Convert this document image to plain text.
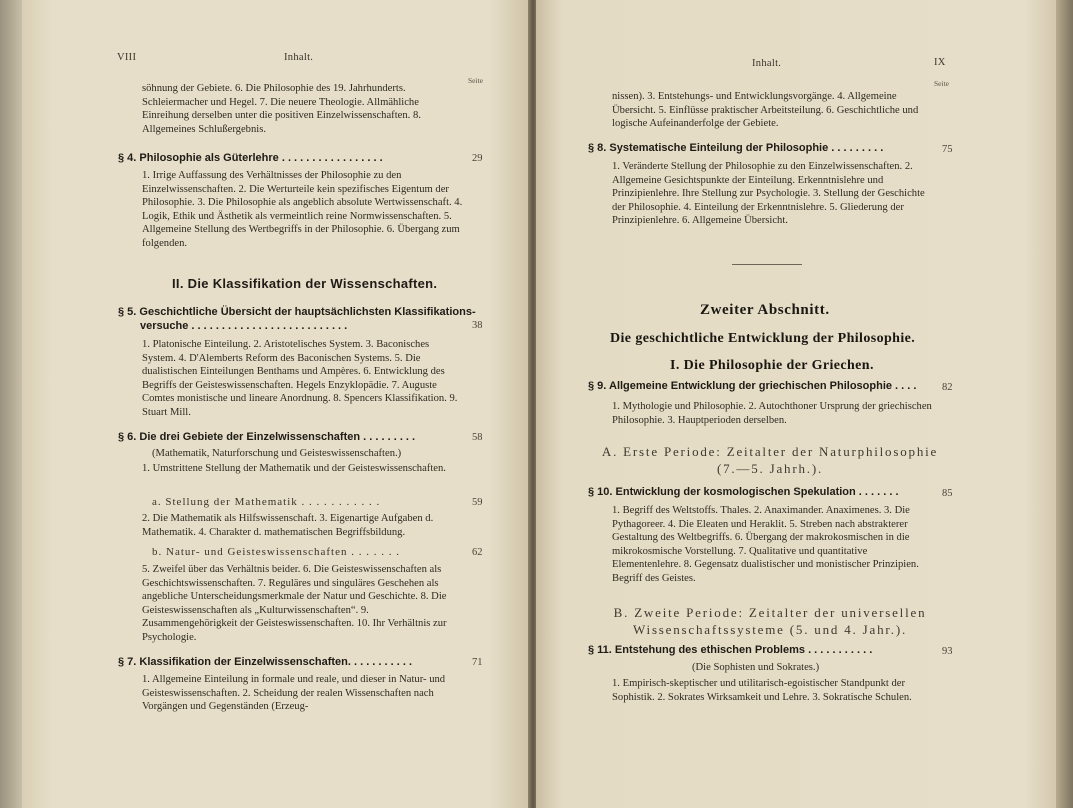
VIII	Inhalt.
Seite
söhnung der Gebiete. 6. Die Philosophie des 19. Jahrhunderts. Schleiermacher und Hegel. 7. Die neuere Theologie. Allmähliche Einreihung derselben unter die positiven Einzelwissenschaften. 8. Allgemeines Schlußergebnis.
§ 4. Philosophie als Güterlehre . . . . . . . . . . . . . . . . .	29
1. Irrige Auffassung des Verhältnisses der Philosophie zu den Einzelwissenschaften. 2. Die Werturteile kein spezifisches Eigentum der Philosophie. 3. Die Philosophie als angeblich absolute Wertwissenschaft. 4. Logik, Ethik und Ästhetik als vermeintlich reine Normwissenschaften. 5. Allgemeine Stellung des Wertbegriffs in der Philosophie. 6. Übergang zum folgenden.
II. Die Klassifikation der Wissenschaften.
§ 5. Geschichtliche Übersicht der hauptsächlichsten Klassifikations-
versuche . . . . . . . . . . . . . . . . . . . . . . . . . .	38
1. Platonische Einteilung. 2. Aristotelisches System. 3. Baconisches System. 4. D'Alemberts Reform des Baconischen Systems. 5. Die dualistischen Einteilungen Benthams und Ampères. 6. Entwicklung des Begriffs der Geisteswissenschaften. Hegels Enzyklopädie. 7. Auguste Comtes monistische und lineare Anordnung. 8. Spencers Klassifikation. 9. Stuart Mill.
§ 6. Die drei Gebiete der Einzelwissenschaften . . . . . . . . .	58
(Mathematik, Naturforschung und Geisteswissenschaften.)
1. Umstrittene Stellung der Mathematik und der Geisteswissenschaften.
a. Stellung der Mathematik . . . . . . . . . . .	59
2. Die Mathematik als Hilfswissenschaft. 3. Eigenartige Aufgaben d. Mathematik. 4. Charakter d. mathematischen Begriffsbildung.
b. Natur- und Geisteswissenschaften . . . . . . .	62
5. Zweifel über das Verhältnis beider. 6. Die Geisteswissenschaften als Geschichtswissenschaften. 7. Reguläres und singuläres Geschehen als angebliche Unterscheidungsmerkmale der Natur und Geschichte. 8. Die Geisteswissenschaften als „Kulturwissenschaften“. 9. Zusammengehörigkeit der Geisteswissenschaften. 10. Ihr Verhältnis zur Psychologie.
§ 7. Klassifikation der Einzelwissenschaften. . . . . . . . . . .	71
1. Allgemeine Einteilung in formale und reale, und dieser in Natur- und Geisteswissenschaften. 2. Scheidung der realen Wissenschaften nach Vorgängen und Gegenständen (Erzeug-
Inhalt.	IX
Seite
nissen). 3. Entstehungs- und Entwicklungsvorgänge. 4. Allgemeine Übersicht. 5. Einflüsse praktischer Arbeitsteilung. 6. Geschichtliche und logische Aufeinanderfolge der Gebiete.
§ 8. Systematische Einteilung der Philosophie . . . . . . . . .	75
1. Veränderte Stellung der Philosophie zu den Einzelwissenschaften. 2. Allgemeine Gesichtspunkte der Einteilung. Erkenntnislehre und Prinzipienlehre. Ihre Stellung zur Psychologie. 3. Stellung der Geschichte der Philosophie. 4. Einteilung der Erkenntnislehre. 5. Gliederung der Prinzipienlehre. 6. Allgemeine Übersicht.
Zweiter Abschnitt.
Die geschichtliche Entwicklung der Philosophie.
I. Die Philosophie der Griechen.
§ 9. Allgemeine Entwicklung der griechischen Philosophie . . . . 82
1. Mythologie und Philosophie. 2. Autochthoner Ursprung der griechischen Philosophie. 3. Hauptperioden derselben.
A. Erste Periode: Zeitalter der Naturphilosophie (7.—5. Jahrh.).
§ 10. Entwicklung der kosmologischen Spekulation . . . . . . .	85
1. Begriff des Weltstoffs. Thales. 2. Anaximander. Anaximenes. 3. Die Pythagoreer. 4. Die Eleaten und Heraklit. 5. Streben nach abstrakterer Gestaltung des Weltbegriffs. 6. Übergang der makrokosmischen in die mikrokosmische Vorstellung. 7. Qualitative und quantitative Elementenlehre. 8. Gegensatz dualistischer und monistischer Prinzipien. Begriff des Geistes.
B. Zweite Periode: Zeitalter der universellen Wissenschaftssysteme (5. und 4. Jahr.).
§ 11. Entstehung des ethischen Problems . . . . . . . . . . .	93
(Die Sophisten und Sokrates.)
1. Empirisch-skeptischer und utilitarisch-egoistischer Standpunkt der Sophistik. 2. Sokrates Wirksamkeit und Lehre. 3. Sokratische Schulen.
